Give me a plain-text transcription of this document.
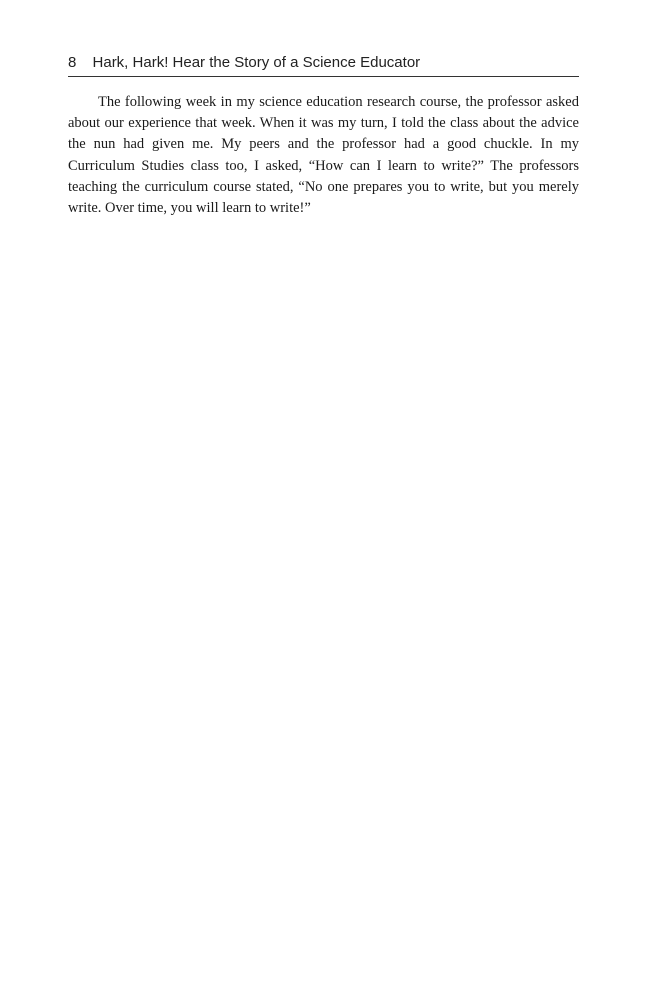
8 Hark, Hark! Hear the Story of a Science Educator

The following week in my science education research course, the professor asked about our experience that week. When it was my turn, I told the class about the advice the nun had given me. My peers and the professor had a good chuckle. In my Curriculum Studies class too, I asked, “How can I learn to write?” The professors teaching the curriculum course stated, “No one prepares you to write, but you merely write. Over time, you will learn to write!”
